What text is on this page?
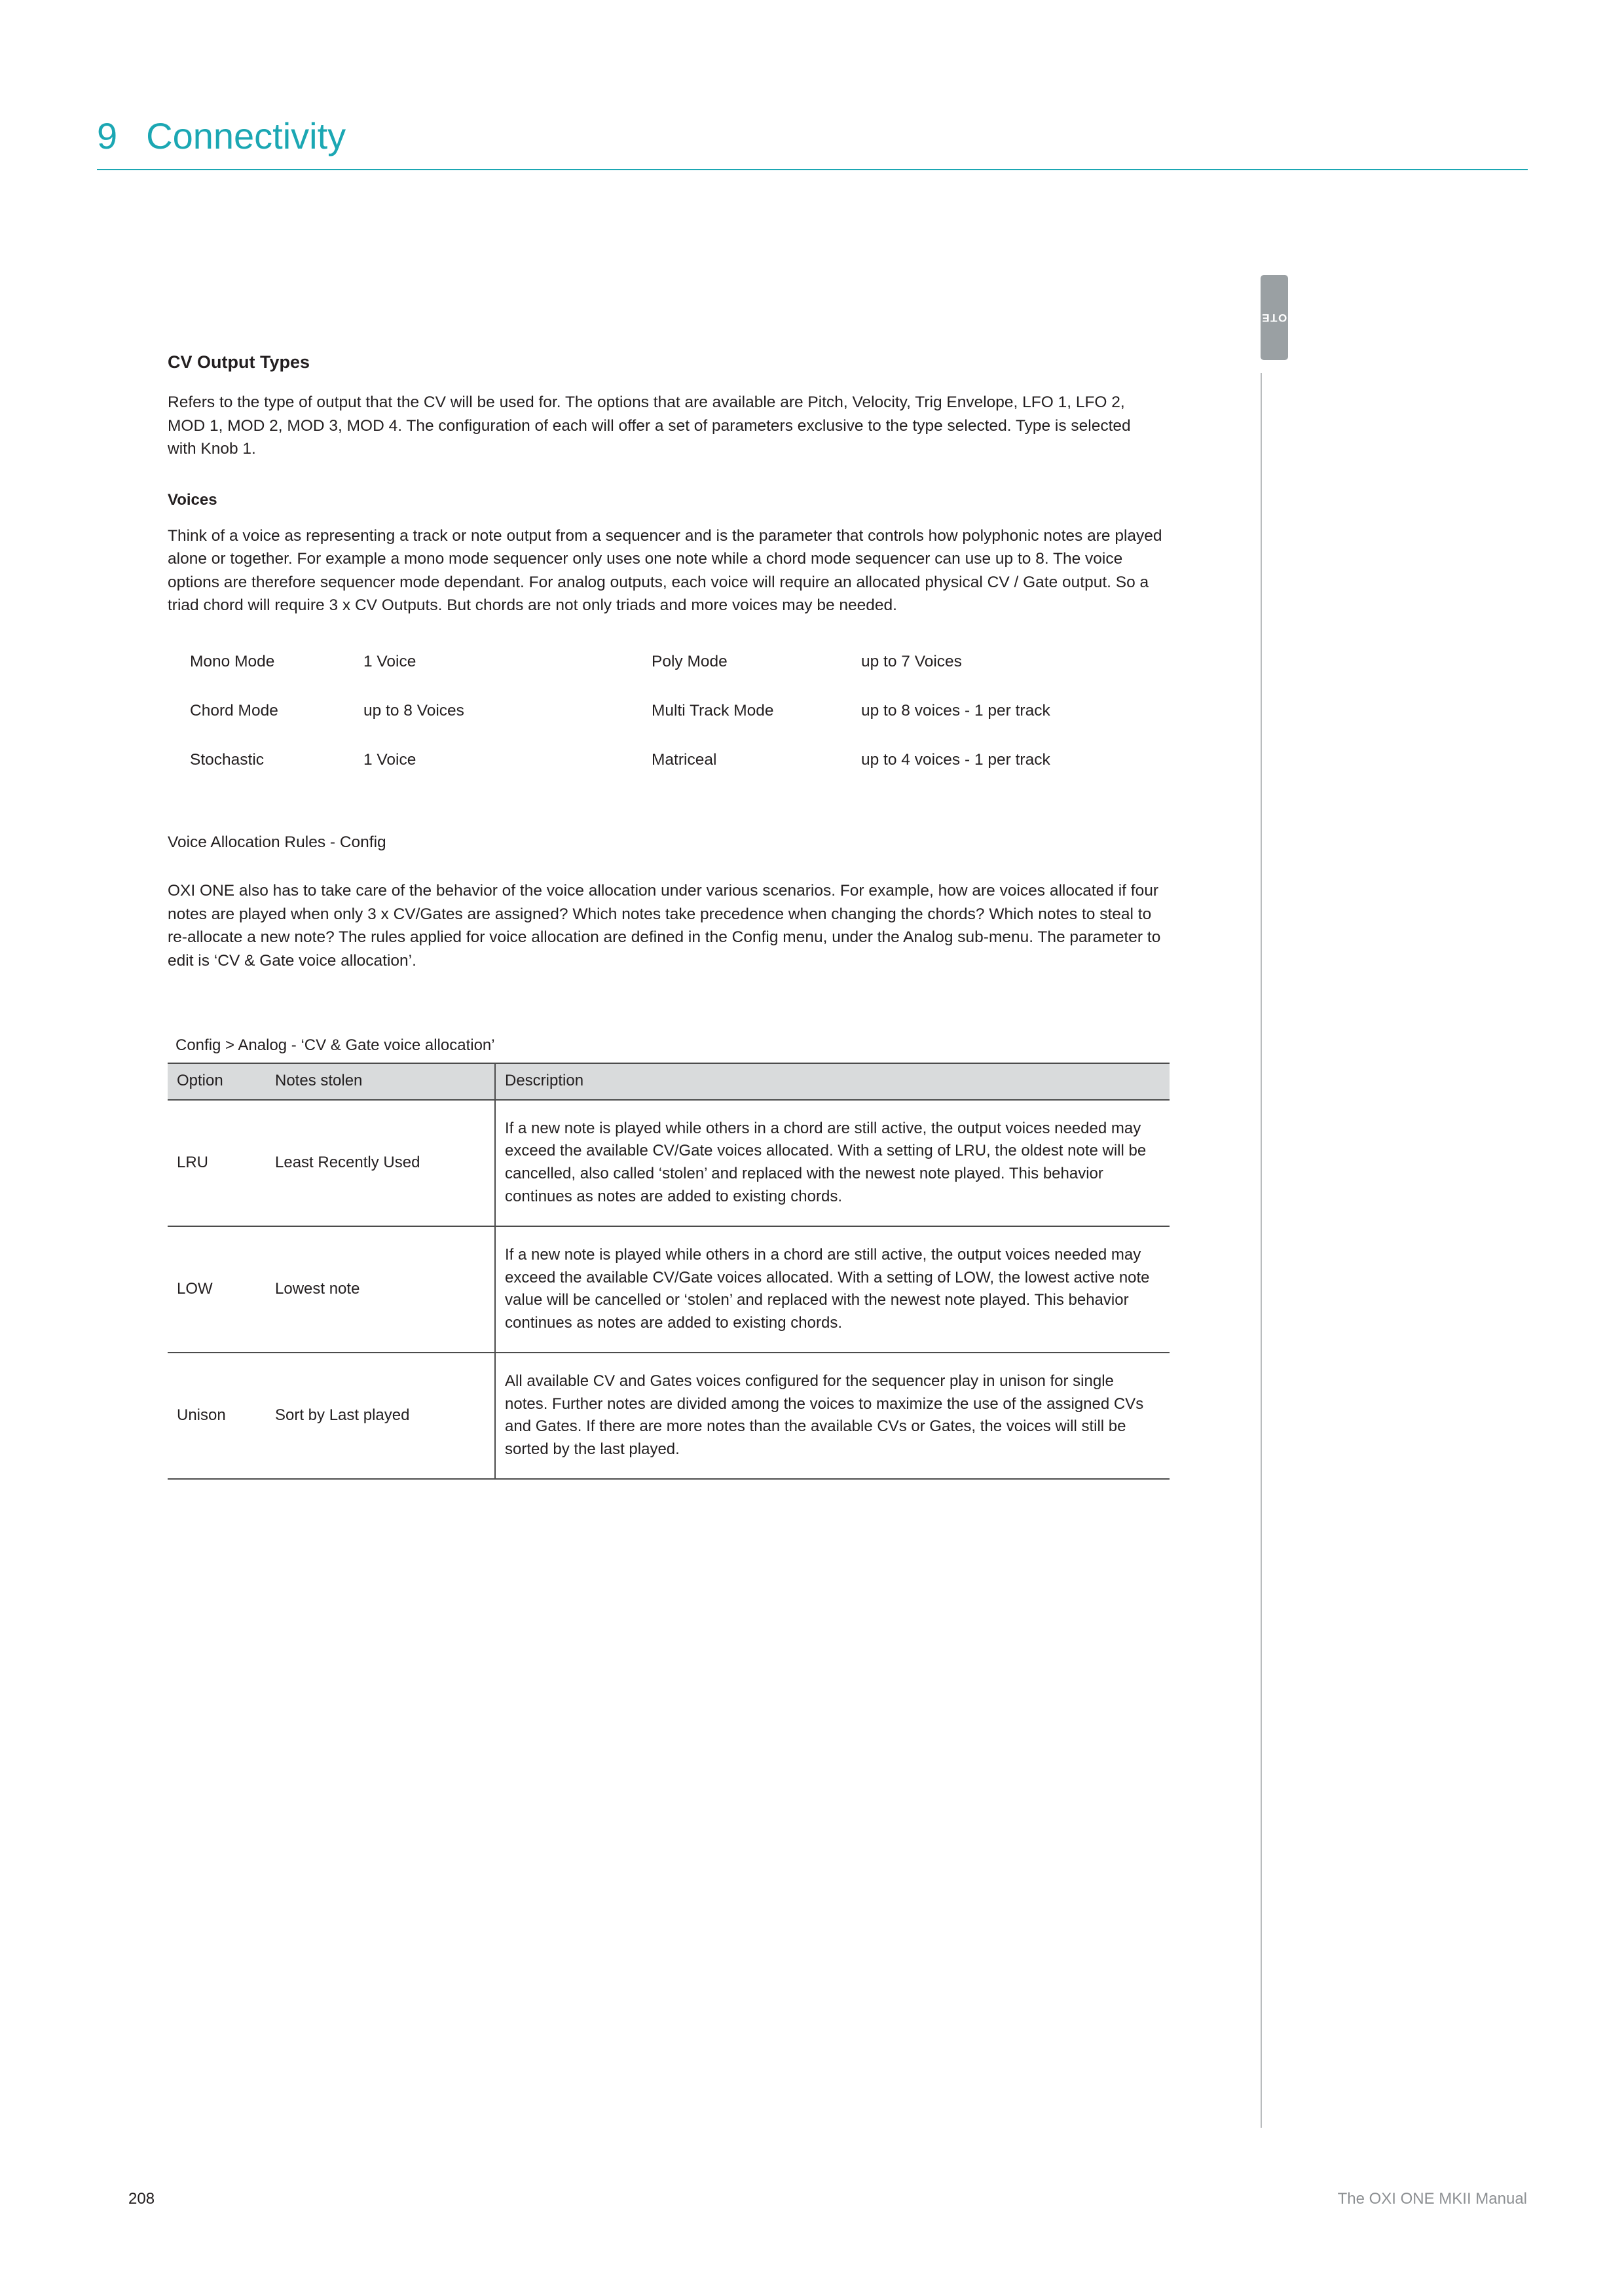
9 Connectivity
NOTES
CV Output Types

Refers to the type of output that the CV will be used for. The options that are available are Pitch, Velocity, Trig Envelope, LFO 1, LFO 2, MOD 1, MOD 2, MOD 3, MOD 4. The configuration of each will offer a set of parameters exclusive to the type selected. Type is selected with Knob 1.

Voices

Think of a voice as representing a track or note output from a sequencer and is the parameter that controls how polyphonic notes are played alone or together. For example a mono mode sequencer only uses one note while a chord mode sequencer can use up to 8. The voice options are therefore sequencer mode dependant. For analog outputs, each voice will require an allocated physical CV / Gate output. So a triad chord will require 3 x CV Outputs. But chords are not only triads and more voices may be needed.

Mono Mode	1 Voice	Poly Mode	up to 7 Voices
Chord Mode	up to 8 Voices	Multi Track Mode	up to 8 voices - 1 per track
Stochastic	1 Voice	Matriceal	up to 4 voices - 1 per track

Voice Allocation Rules - Config

OXI ONE also has to take care of the behavior of the voice allocation under various scenarios. For example, how are voices allocated if four notes are played when only 3 x CV/Gates are assigned? Which notes take precedence when changing the chords? Which notes to steal to re-allocate a new note? The rules applied for voice allocation are defined in the Config menu, under the Analog sub-menu. The parameter to edit is ‘CV & Gate voice allocation’.

Config > Analog - ‘CV & Gate voice allocation’
Option	Notes stolen	Description
LRU	Least Recently Used	If a new note is played while others in a chord are still active, the output voices needed may exceed the available CV/Gate voices allocated. With a setting of LRU, the oldest note will be cancelled, also called ‘stolen’ and replaced with the newest note played. This behavior continues as notes are added to existing chords.
LOW	Lowest note	If a new note is played while others in a chord are still active, the output voices needed may exceed the available CV/Gate voices allocated. With a setting of LOW, the lowest active note value will be cancelled or ‘stolen’ and replaced with the newest note played. This behavior continues as notes are added to existing chords.
Unison	Sort by Last played	All available CV and Gates voices configured for the sequencer play in unison for single notes. Further notes are divided among the voices to maximize the use of the assigned CVs and Gates. If there are more notes than the available CVs or Gates, the voices will still be sorted by the last played.
208	The OXI ONE MKII Manual
